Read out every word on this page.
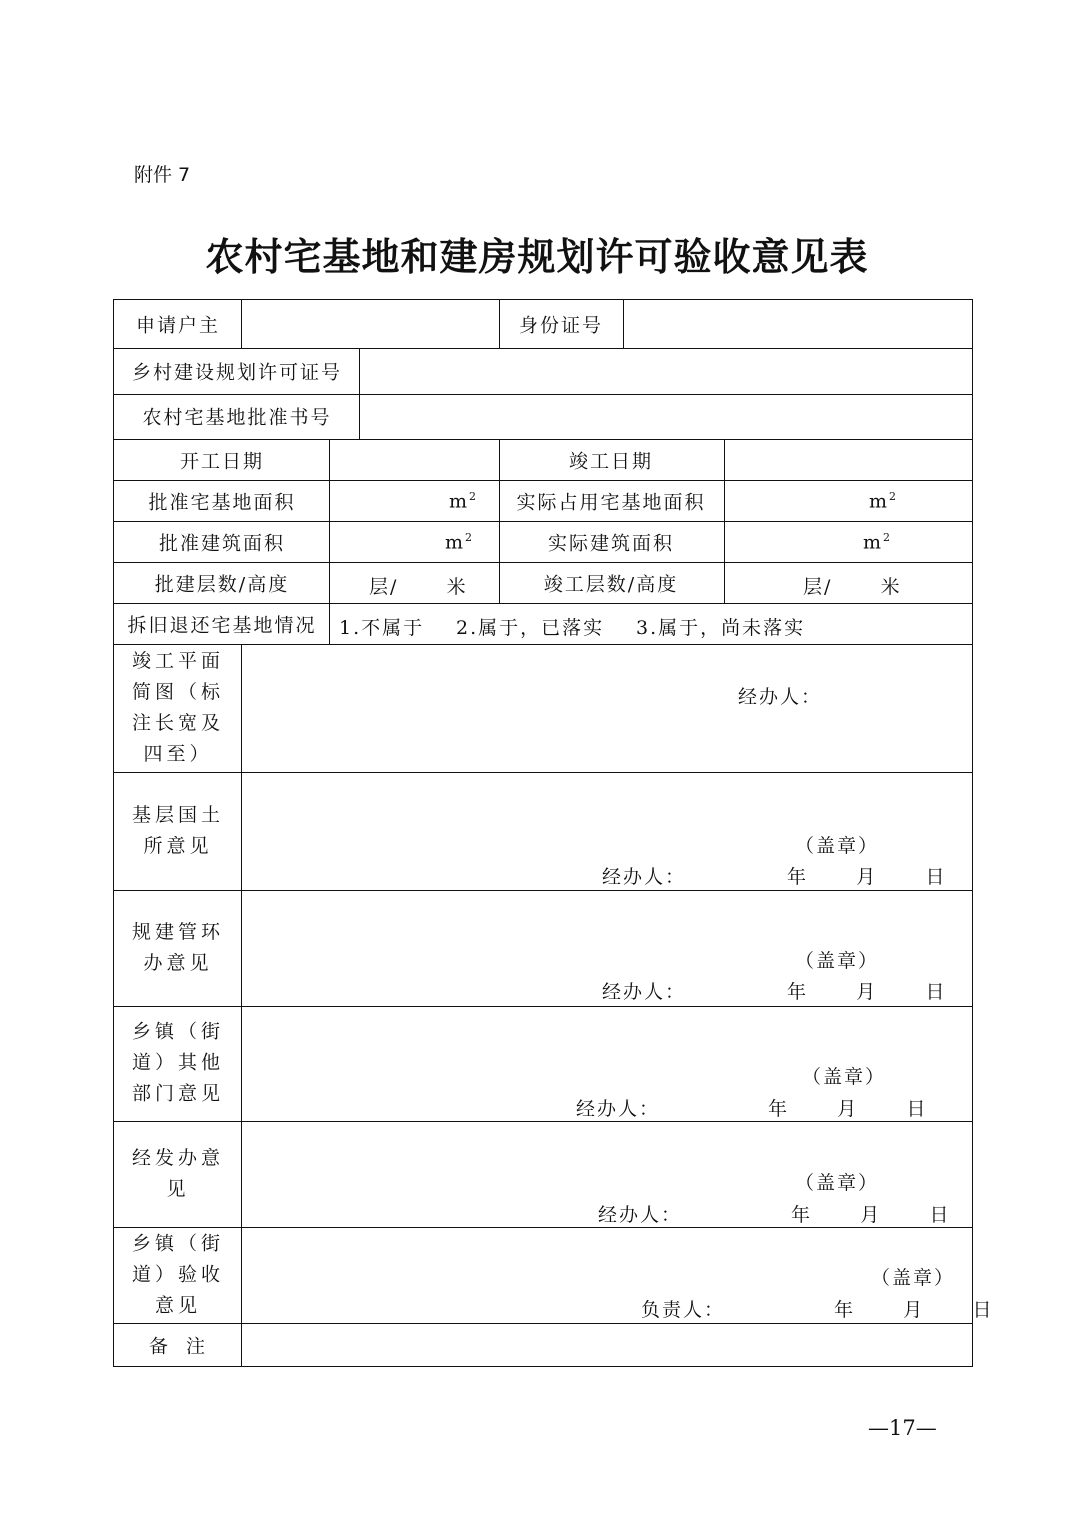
附件 7
农村宅基地和建房规划许可验收意见表
申请户主	身份证号
乡村建设规划许可证号
农村宅基地批准书号
开工日期	竣工日期
批准宅基地面积	$m^2$ 实际占用宅基地面积	$m^2$
批准建筑面积	$m^2$	实际建筑面积	$m^2$
批建层数/高度	层/      米	竣工层数/高度	层/      米
拆旧退还宅基地情况 1.不属于 2.属于，已落实 3.属于，尚未落实
竣工平面简图（标注长宽及四至）
经办人：
基层国土所意见	（盖章）
经办人：	年      月      日
规建管环办意见	（盖章）
经办人：	年      月      日
乡镇（街道）其他部门意见
（盖章）
经办人：	年      月      日
经发办意见	（盖章）
经办人：	年      月      日
乡镇（街道）验收意见
（盖章）
负责人：	年      月      日
备  注
—17—
